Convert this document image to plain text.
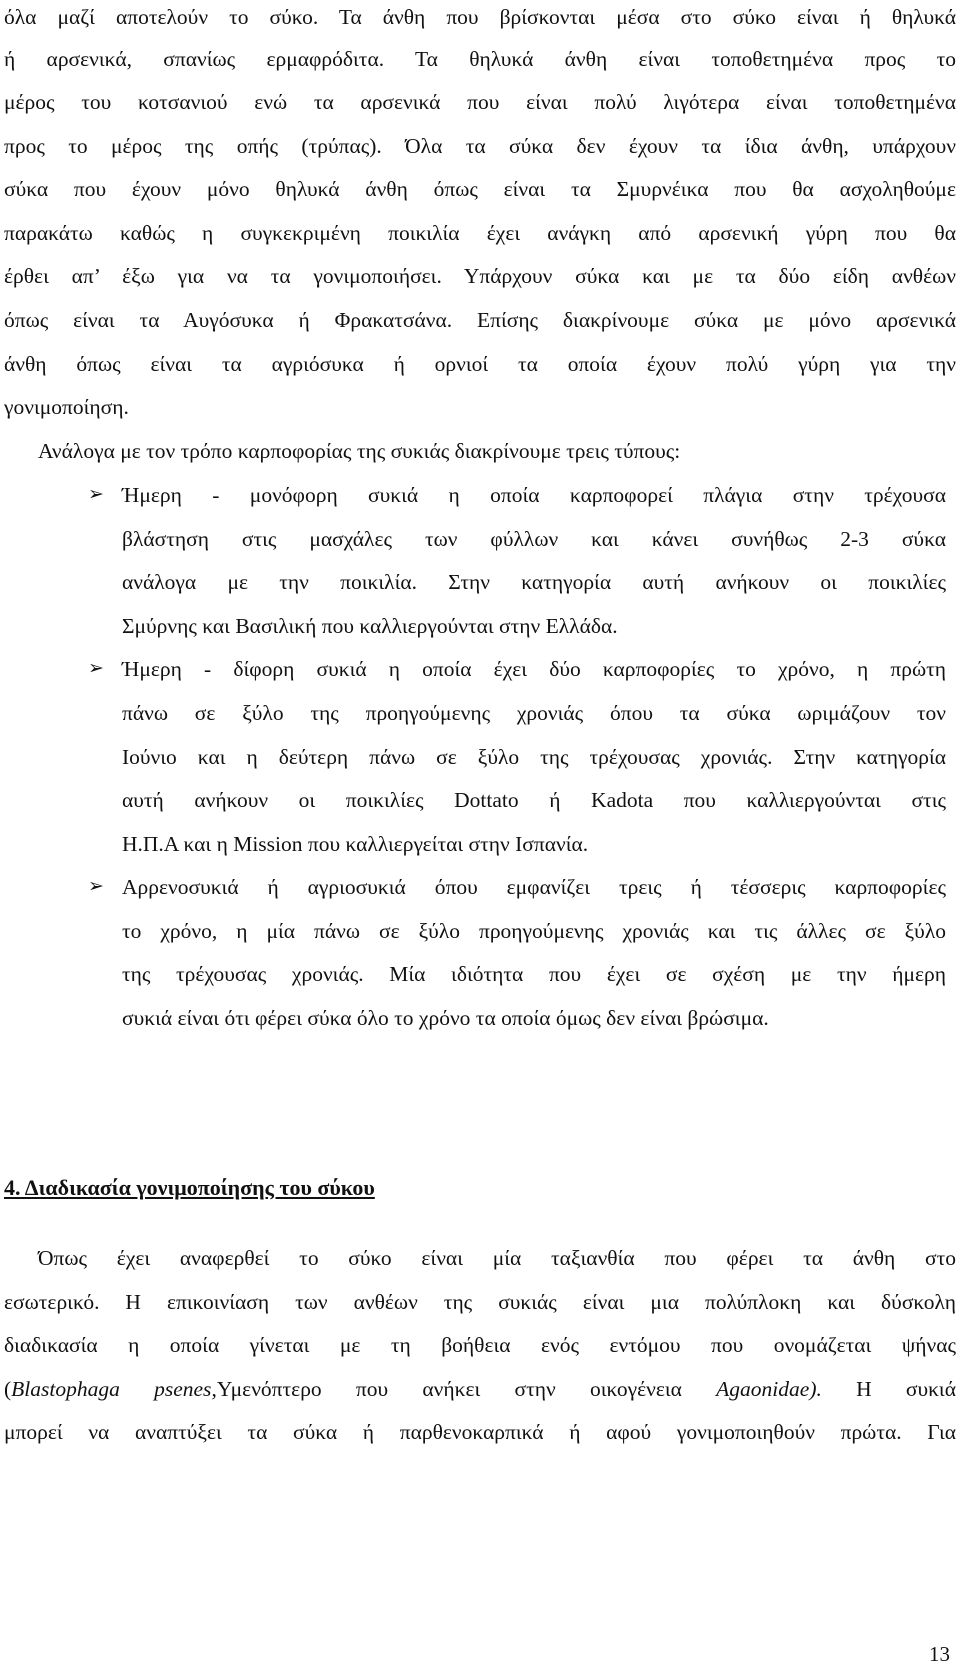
όλα μαζί αποτελούν το σύκο. Τα άνθη που βρίσκονται μέσα στο σύκο είναι ή θηλυκά
ή αρσενικά, σπανίως ερμαφρόδιτα. Τα θηλυκά άνθη είναι τοποθετημένα προς το
μέρος του κοτσανιού ενώ τα αρσενικά που είναι πολύ λιγότερα είναι τοποθετημένα
προς το μέρος της οπής (τρύπας). Όλα τα σύκα δεν έχουν τα ίδια άνθη, υπάρχουν
σύκα που έχουν μόνο θηλυκά άνθη όπως είναι τα Σμυρνέικα που θα ασχοληθούμε
παρακάτω καθώς η συγκεκριμένη ποικιλία έχει ανάγκη από αρσενική γύρη που θα
έρθει απ’ έξω για να τα γονιμοποιήσει. Υπάρχουν σύκα και με τα δύο είδη ανθέων
όπως είναι τα Αυγόσυκα ή Φρακατσάνα. Επίσης διακρίνουμε σύκα με μόνο αρσενικά
άνθη όπως είναι τα αγριόσυκα ή ορνιοί τα οποία έχουν πολύ γύρη για την
γονιμοποίηση.
Ανάλογα με τον τρόπο καρποφορίας της συκιάς διακρίνουμε τρεις τύπους:
➢ Ήμερη - μονόφορη συκιά η οποία καρποφορεί πλάγια στην τρέχουσα
βλάστηση στις μασχάλες των φύλλων και κάνει συνήθως 2-3 σύκα
ανάλογα με την ποικιλία. Στην κατηγορία αυτή ανήκουν οι ποικιλίες
Σμύρνης και Βασιλική που καλλιεργούνται στην Ελλάδα.
➢ Ήμερη - δίφορη συκιά η οποία έχει δύο καρποφορίες το χρόνο, η πρώτη
πάνω σε ξύλο της προηγούμενης χρονιάς όπου τα σύκα ωριμάζουν τον
Ιούνιο και η δεύτερη πάνω σε ξύλο της τρέχουσας χρονιάς. Στην κατηγορία
αυτή ανήκουν οι ποικιλίες Dottato ή Kadota που καλλιεργούνται στις
Η.Π.Α και η Mission που καλλιεργείται στην Ισπανία.
➢ Αρρενοσυκιά ή αγριοσυκιά όπου εμφανίζει τρεις ή τέσσερις καρποφορίες
το χρόνο, η μία πάνω σε ξύλο προηγούμενης χρονιάς και τις άλλες σε ξύλο
της τρέχουσας χρονιάς. Μία ιδιότητα που έχει σε σχέση με την ήμερη
συκιά είναι ότι φέρει σύκα όλο το χρόνο τα οποία όμως δεν είναι βρώσιμα.
4. Διαδικασία γονιμοποίησης του σύκου
Όπως έχει αναφερθεί το σύκο είναι μία ταξιανθία που φέρει τα άνθη στο
εσωτερικό. Η επικοινίαση των ανθέων της συκιάς είναι μια πολύπλοκη και δύσκολη
διαδικασία η οποία γίνεται με τη βοήθεια ενός εντόμου που ονομάζεται ψήνας
(Blastophaga psenes,Υμενόπτερο που ανήκει στην οικογένεια Agaonidae). Η συκιά
μπορεί να αναπτύξει τα σύκα ή παρθενοκαρπικά ή αφού γονιμοποιηθούν πρώτα. Για
13
